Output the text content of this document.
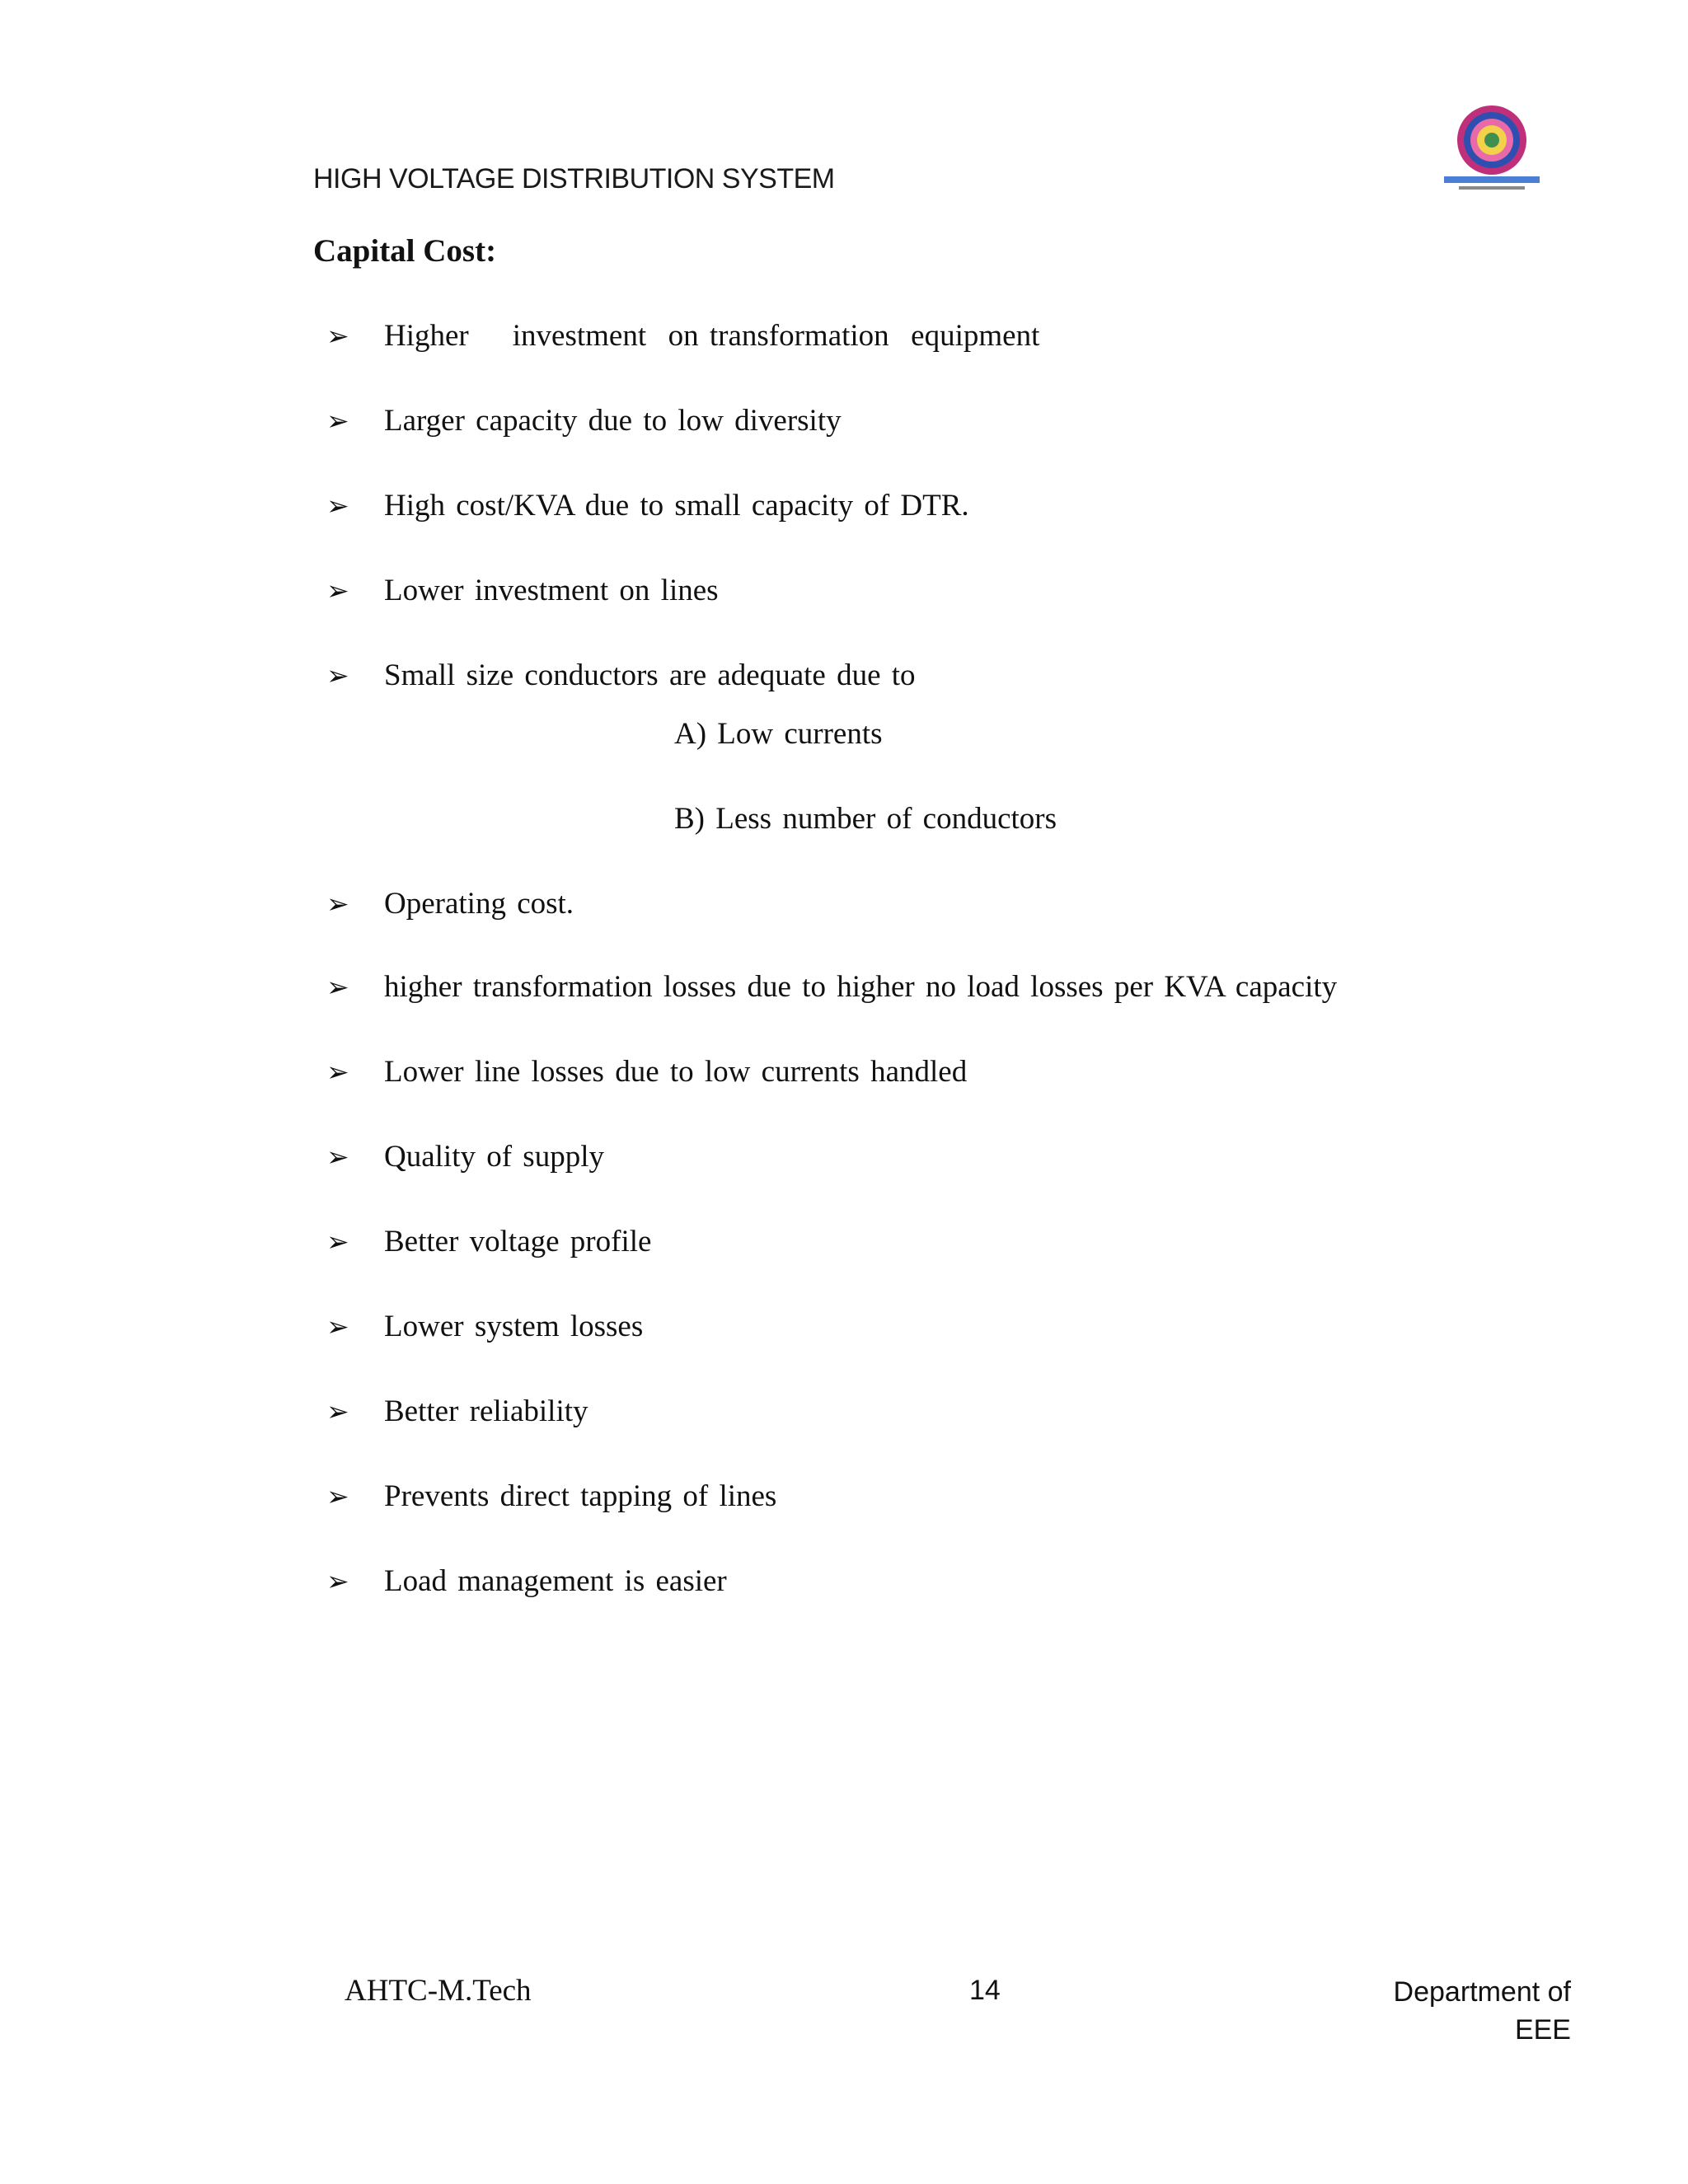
HIGH VOLTAGE DISTRIBUTION SYSTEM
Capital Cost:
➢ Higher    investment  on transformation  equipment
➢ Larger capacity due to low diversity
➢ High cost/KVA due to small capacity of DTR.
➢ Lower investment on lines
➢ Small size conductors are adequate due to
A) Low currents
B) Less number of conductors
➢ Operating cost.
➢ higher transformation losses due to higher no load losses per KVA capacity
➢ Lower line losses due to low currents handled
➢ Quality of supply
➢ Better voltage profile
➢ Lower system losses
➢ Better reliability
➢ Prevents direct tapping of lines
➢ Load management is easier
AHTC-M.Tech	14	Department of
EEE
